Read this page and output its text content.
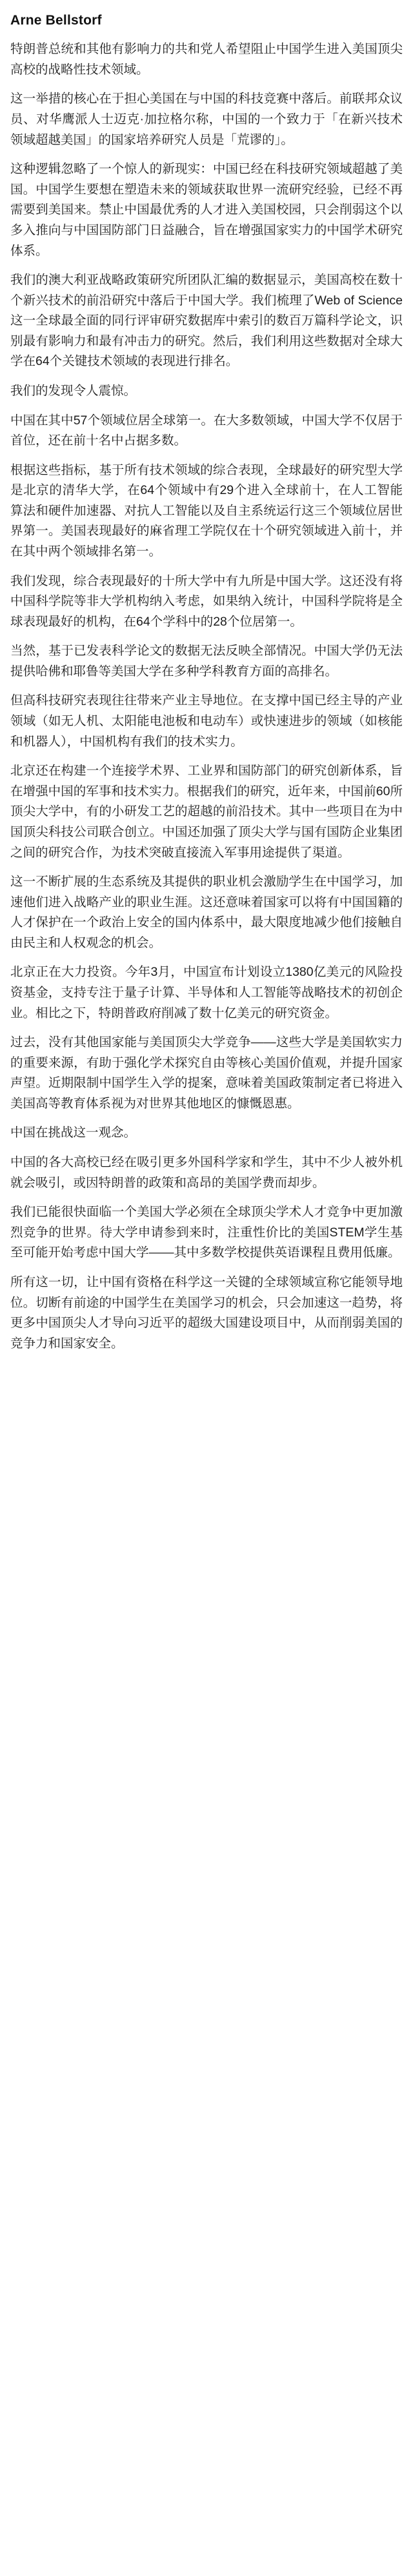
Arne Bellstorf

特朗普总统和其他有影响力的共和党人希望阻止中国学生进入美国顶尖高校的战略性技术领域。

这一举措的核心在于担心美国在与中国的科技竞赛中落后。前联邦众议员、对华鹰派人士迈克·加拉格尔称，中国的一个致力于「在新兴技术领域超越美国」的国家培养研究人员是「荒谬的」。

这种逻辑忽略了一个惊人的新现实：中国已经在科技研究领域超越了美国。中国学生要想在塑造未来的领域获取世界一流研究经验，已经不再需要到美国来。禁止中国最优秀的人才进入美国校园，只会削弱这个以多入推向与中国国防部门日益融合，旨在增强国家实力的中国学术研究体系。

我们的澳大利亚战略政策研究所团队汇编的数据显示，美国高校在数十个新兴技术的前沿研究中落后于中国大学。我们梳理了Web of Science这一全球最全面的同行评审研究数据库中索引的数百万篇科学论文，识别最有影响力和最有冲击力的研究。然后，我们利用这些数据对全球大学在64个关键技术领域的表现进行排名。

我们的发现令人震惊。

中国在其中57个领域位居全球第一。在大多数领域，中国大学不仅居于首位，还在前十名中占据多数。

根据这些指标，基于所有技术领域的综合表现，全球最好的研究型大学是北京的清华大学，在64个领域中有29个进入全球前十，在人工智能算法和硬件加速器、对抗人工智能以及自主系统运行这三个领域位居世界第一。美国表现最好的麻省理工学院仅在十个研究领域进入前十，并在其中两个领域排名第一。

我们发现，综合表现最好的十所大学中有九所是中国大学。这还没有将中国科学院等非大学机构纳入考虑，如果纳入统计，中国科学院将是全球表现最好的机构，在64个学科中的28个位居第一。

当然，基于已发表科学论文的数据无法反映全部情况。中国大学仍无法提供哈佛和耶鲁等美国大学在多种学科教育方面的高排名。

但高科技研究表现往往带来产业主导地位。在支撑中国已经主导的产业领域（如无人机、太阳能电池板和电动车）或快速进步的领域（如核能和机器人），中国机构有我们的技术实力。

北京还在构建一个连接学术界、工业界和国防部门的研究创新体系，旨在增强中国的军事和技术实力。根据我们的研究，近年来，中国前60所顶尖大学中，有的小研发工艺的超越的前沿技术。其中一些项目在为中国顶尖科技公司联合创立。中国还加强了顶尖大学与国有国防企业集团之间的研究合作，为技术突破直接流入军事用途提供了渠道。

这一不断扩展的生态系统及其提供的职业机会激励学生在中国学习，加速他们进入战略产业的职业生涯。这还意味着国家可以将有中国国籍的人才保护在一个政治上安全的国内体系中，最大限度地减少他们接触自由民主和人权观念的机会。

北京正在大力投资。今年3月，中国宣布计划设立1380亿美元的风险投资基金，支持专注于量子计算、半导体和人工智能等战略技术的初创企业。相比之下，特朗普政府削减了数十亿美元的研究资金。

过去，没有其他国家能与美国顶尖大学竞争——这些大学是美国软实力的重要来源，有助于强化学术探究自由等核心美国价值观，并提升国家声望。近期限制中国学生入学的提案，意味着美国政策制定者已将进入美国高等教育体系视为对世界其他地区的慷慨恩惠。

中国在挑战这一观念。

中国的各大高校已经在吸引更多外国科学家和学生，其中不少人被外机就会吸引，或因特朗普的政策和高昂的美国学费而却步。

我们已能很快面临一个美国大学必须在全球顶尖学术人才竞争中更加激烈竞争的世界。待大学申请参到来时，注重性价比的美国STEM学生基至可能开始考虑中国大学——其中多数学校提供英语课程且费用低廉。

所有这一切，让中国有资格在科学这一关键的全球领域宣称它能领导地位。切断有前途的中国学生在美国学习的机会，只会加速这一趋势，将更多中国顶尖人才导向习近平的超级大国建设项目中，从而削弱美国的竞争力和国家安全。
